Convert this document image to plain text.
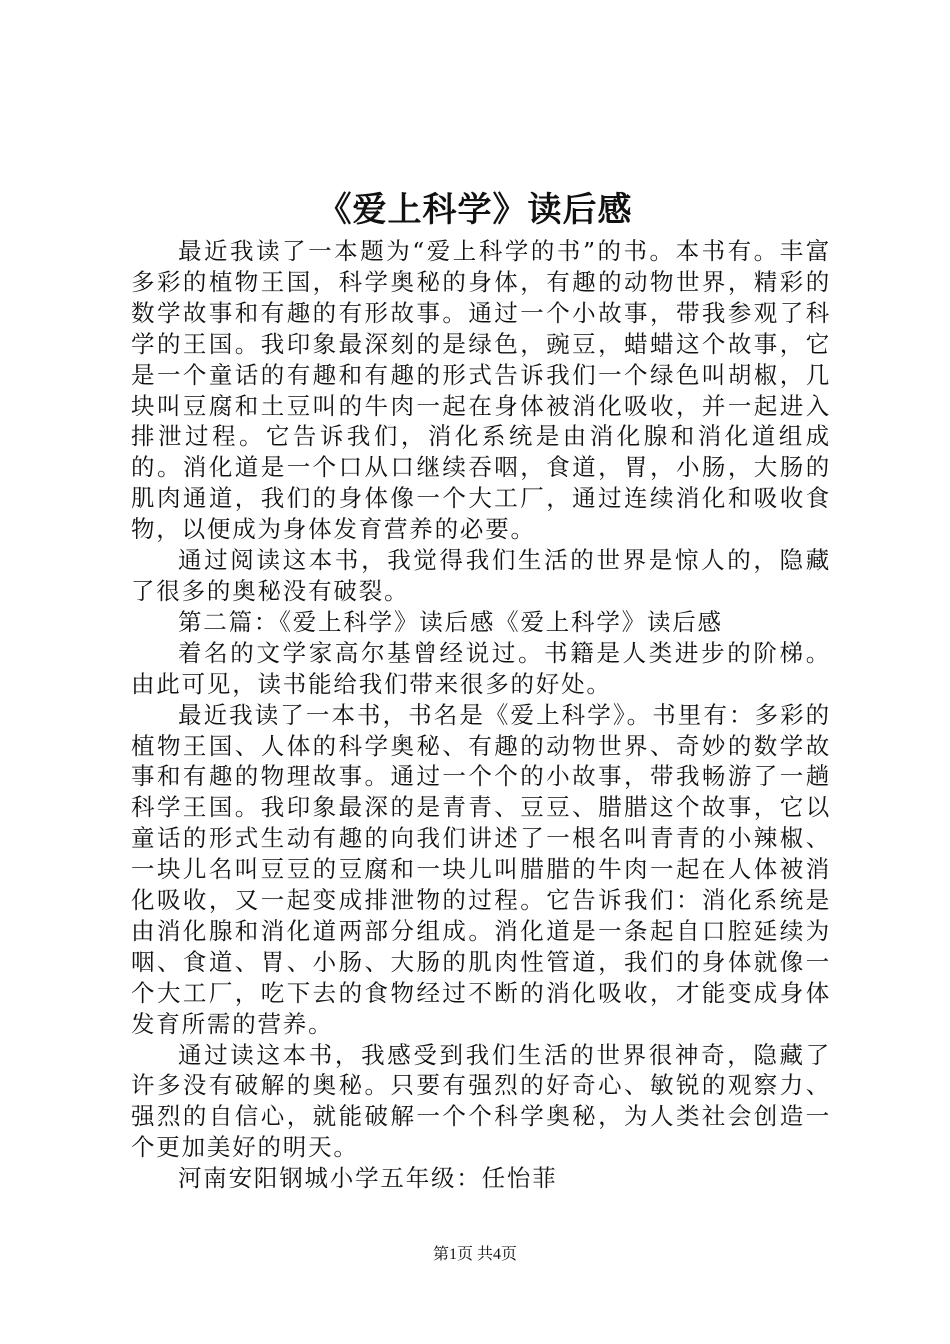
《爱上科学》读后感

最近我读了一本题为“爱上科学的书”的书。本书有。丰富多彩的植物王国，科学奥秘的身体，有趣的动物世界，精彩的数学故事和有趣的有形故事。通过一个小故事，带我参观了科学的王国。我印象最深刻的是绿色，豌豆，蜡蜡这个故事，它是一个童话的有趣和有趣的形式告诉我们一个绿色叫胡椒，几块叫豆腐和土豆叫的牛肉一起在身体被消化吸收，并一起进入排泄过程。它告诉我们，消化系统是由消化腺和消化道组成的。消化道是一个口从口继续吞咽，食道，胃，小肠，大肠的肌肉通道，我们的身体像一个大工厂，通过连续消化和吸收食物，以便成为身体发育营养的必要。

通过阅读这本书，我觉得我们生活的世界是惊人的，隐藏了很多的奥秘没有破裂。

第二篇：《爱上科学》读后感《爱上科学》读后感

着名的文学家高尔基曾经说过。书籍是人类进步的阶梯。由此可见，读书能给我们带来很多的好处。

最近我读了一本书，书名是《爱上科学》。书里有：多彩的植物王国、人体的科学奥秘、有趣的动物世界、奇妙的数学故事和有趣的物理故事。通过一个个的小故事，带我畅游了一趟科学王国。我印象最深的是青青、豆豆、腊腊这个故事，它以童话的形式生动有趣的向我们讲述了一根名叫青青的小辣椒、一块儿名叫豆豆的豆腐和一块儿叫腊腊的牛肉一起在人体被消化吸收，又一起变成排泄物的过程。它告诉我们：消化系统是由消化腺和消化道两部分组成。消化道是一条起自口腔延续为咽、食道、胃、小肠、大肠的肌肉性管道，我们的身体就像一个大工厂，吃下去的食物经过不断的消化吸收，才能变成身体发育所需的营养。

通过读这本书，我感受到我们生活的世界很神奇，隐藏了许多没有破解的奥秘。只要有强烈的好奇心、敏锐的观察力、强烈的自信心，就能破解一个个科学奥秘，为人类社会创造一个更加美好的明天。

河南安阳钢城小学五年级：任怡菲

第1页 共4页
